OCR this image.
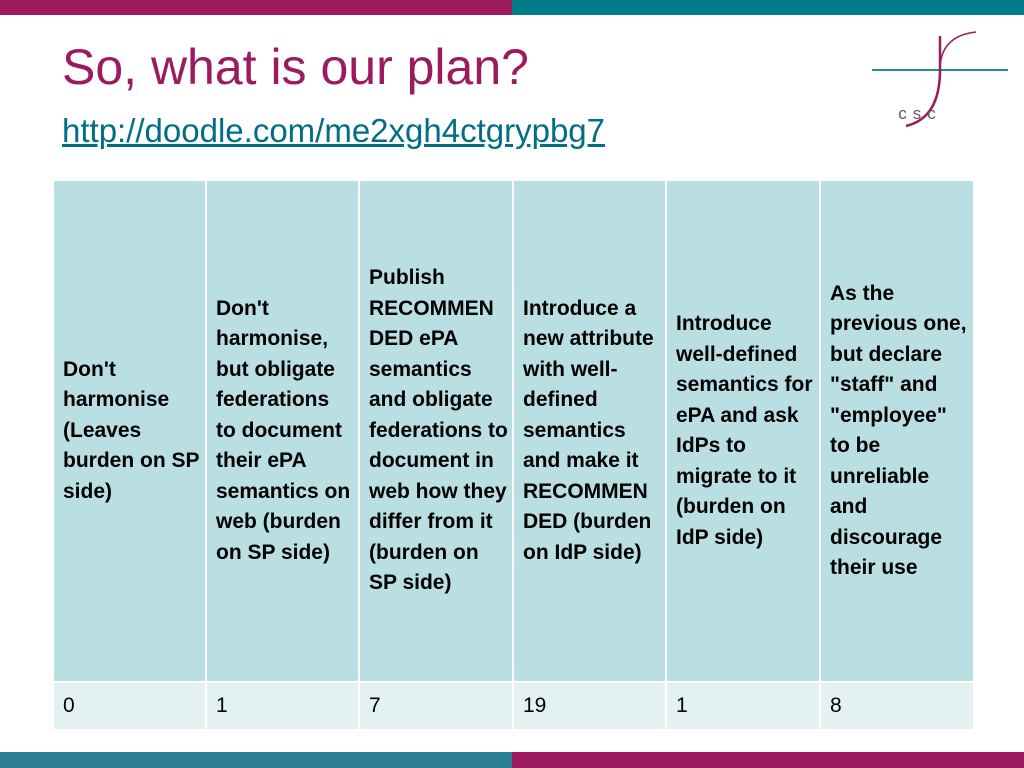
So, what is our plan?
http://doodle.com/me2xgh4ctgrypbg7	csc
Don't harmonise (Leaves burden on SP side)	Don't harmonise, but obligate federations to document their ePA semantics on web (burden on SP side)	Publish RECOMMENDED ePA semantics and obligate federations to document in web how they differ from it (burden on SP side)	Introduce a new attribute with well-defined semantics and make it RECOMMENDED (burden on IdP side)	Introduce well-defined semantics for ePA and ask IdPs to migrate to it (burden on IdP side)	As the previous one, but declare "staff" and "employee" to be unreliable and discourage their use
0	1	7	19	1	8
